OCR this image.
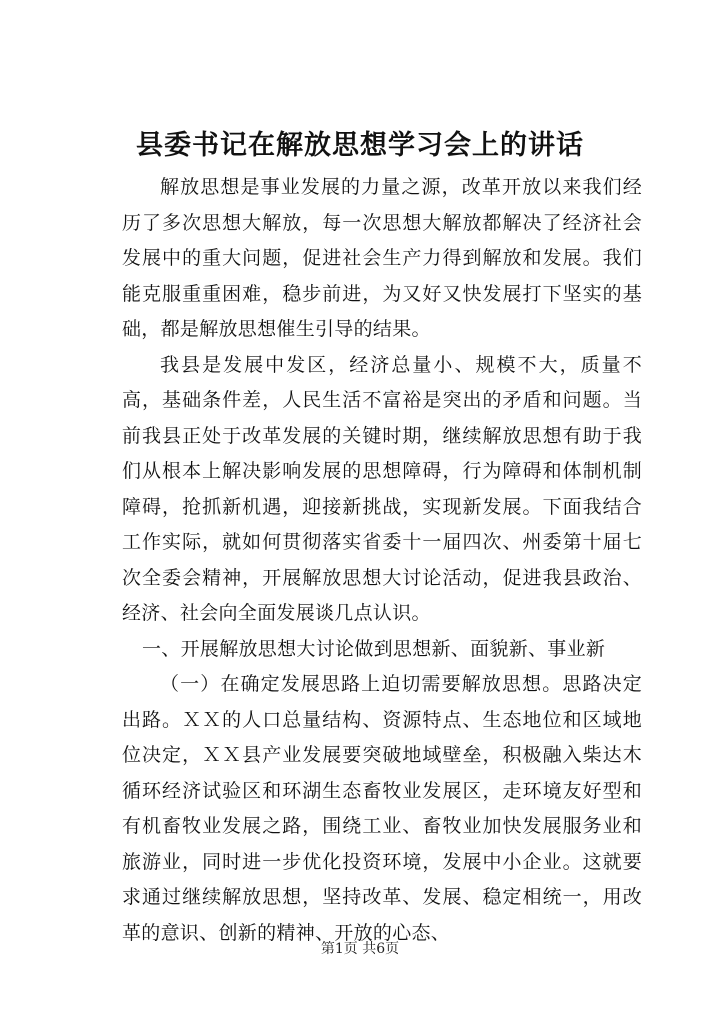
县委书记在解放思想学习会上的讲话

解放思想是事业发展的力量之源，改革开放以来我们经历了多次思想大解放，每一次思想大解放都解决了经济社会发展中的重大问题，促进社会生产力得到解放和发展。我们能克服重重困难，稳步前进，为又好又快发展打下坚实的基础，都是解放思想催生引导的结果。

我县是发展中发区，经济总量小、规模不大，质量不高，基础条件差，人民生活不富裕是突出的矛盾和问题。当前我县正处于改革发展的关键时期，继续解放思想有助于我们从根本上解决影响发展的思想障碍，行为障碍和体制机制障碍，抢抓新机遇，迎接新挑战，实现新发展。下面我结合工作实际，就如何贯彻落实省委十一届四次、州委第十届七次全委会精神，开展解放思想大讨论活动，促进我县政治、经济、社会向全面发展谈几点认识。

一、开展解放思想大讨论做到思想新、面貌新、事业新

（一）在确定发展思路上迫切需要解放思想。思路决定出路。ＸＸ的人口总量结构、资源特点、生态地位和区域地位决定，ＸＸ县产业发展要突破地域壁垒，积极融入柴达木循环经济试验区和环湖生态畜牧业发展区，走环境友好型和有机畜牧业发展之路，围绕工业、畜牧业加快发展服务业和旅游业，同时进一步优化投资环境，发展中小企业。这就要求通过继续解放思想，坚持改革、发展、稳定相统一，用改革的意识、创新的精神、开放的心态、

第1页 共6页
